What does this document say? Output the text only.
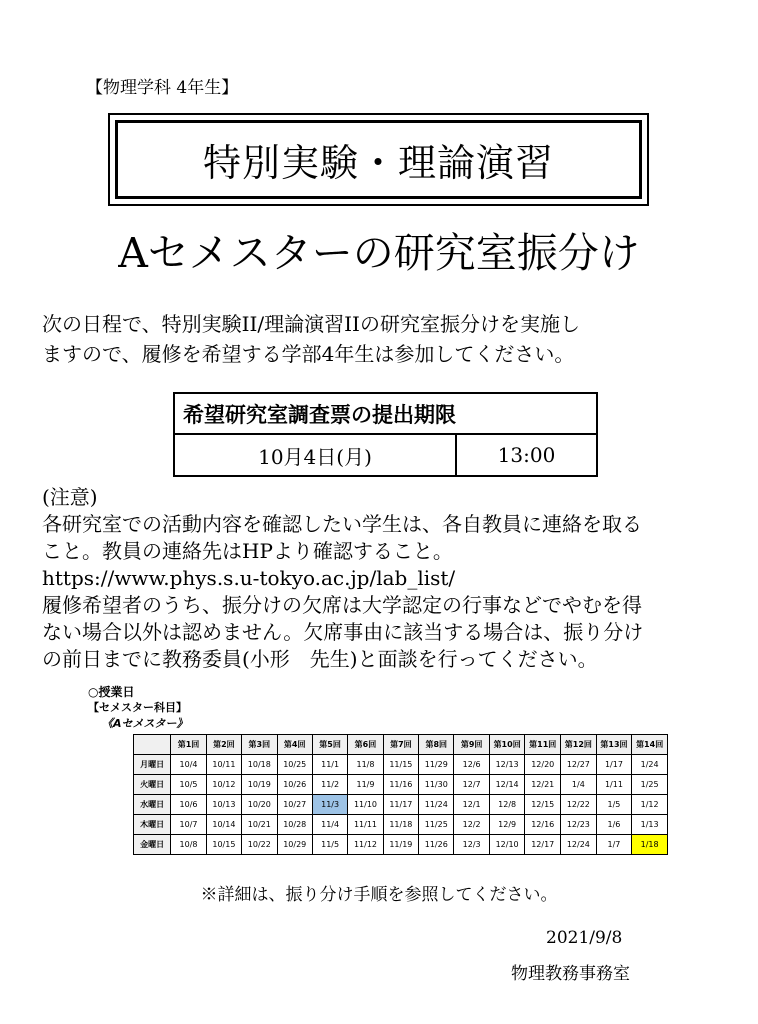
【物理学科 4年生】
特別実験・理論演習
Aセメスターの研究室振分け
次の日程で、特別実験II/理論演習IIの研究室振分けを実施し
ますので、履修を希望する学部4年生は参加してください。
希望研究室調査票の提出期限
10月4日(月)	13:00
(注意)
各研究室での活動内容を確認したい学生は、各自教員に連絡を取る
こと。教員の連絡先はHPより確認すること。
https://www.phys.s.u-tokyo.ac.jp/lab_list/
履修希望者のうち、振分けの欠席は大学認定の行事などでやむを得
ない場合以外は認めません。欠席事由に該当する場合は、振り分け
の前日までに教務委員(小形　先生)と面談を行ってください。
○授業日
【セメスター科目】
《Aセメスター》
	第1回	第2回	第3回	第4回	第5回	第6回	第7回	第8回	第9回	第10回	第11回	第12回	第13回	第14回
月曜日	10/4	10/11	10/18	10/25	11/1	11/8	11/15	11/29	12/6	12/13	12/20	12/27	1/17	1/24
火曜日	10/5	10/12	10/19	10/26	11/2	11/9	11/16	11/30	12/7	12/14	12/21	1/4	1/11	1/25
水曜日	10/6	10/13	10/20	10/27	11/3	11/10	11/17	11/24	12/1	12/8	12/15	12/22	1/5	1/12
木曜日	10/7	10/14	10/21	10/28	11/4	11/11	11/18	11/25	12/2	12/9	12/16	12/23	1/6	1/13
金曜日	10/8	10/15	10/22	10/29	11/5	11/12	11/19	11/26	12/3	12/10	12/17	12/24	1/7	1/18
※詳細は、振り分け手順を参照してください。
2021/9/8
物理教務事務室
